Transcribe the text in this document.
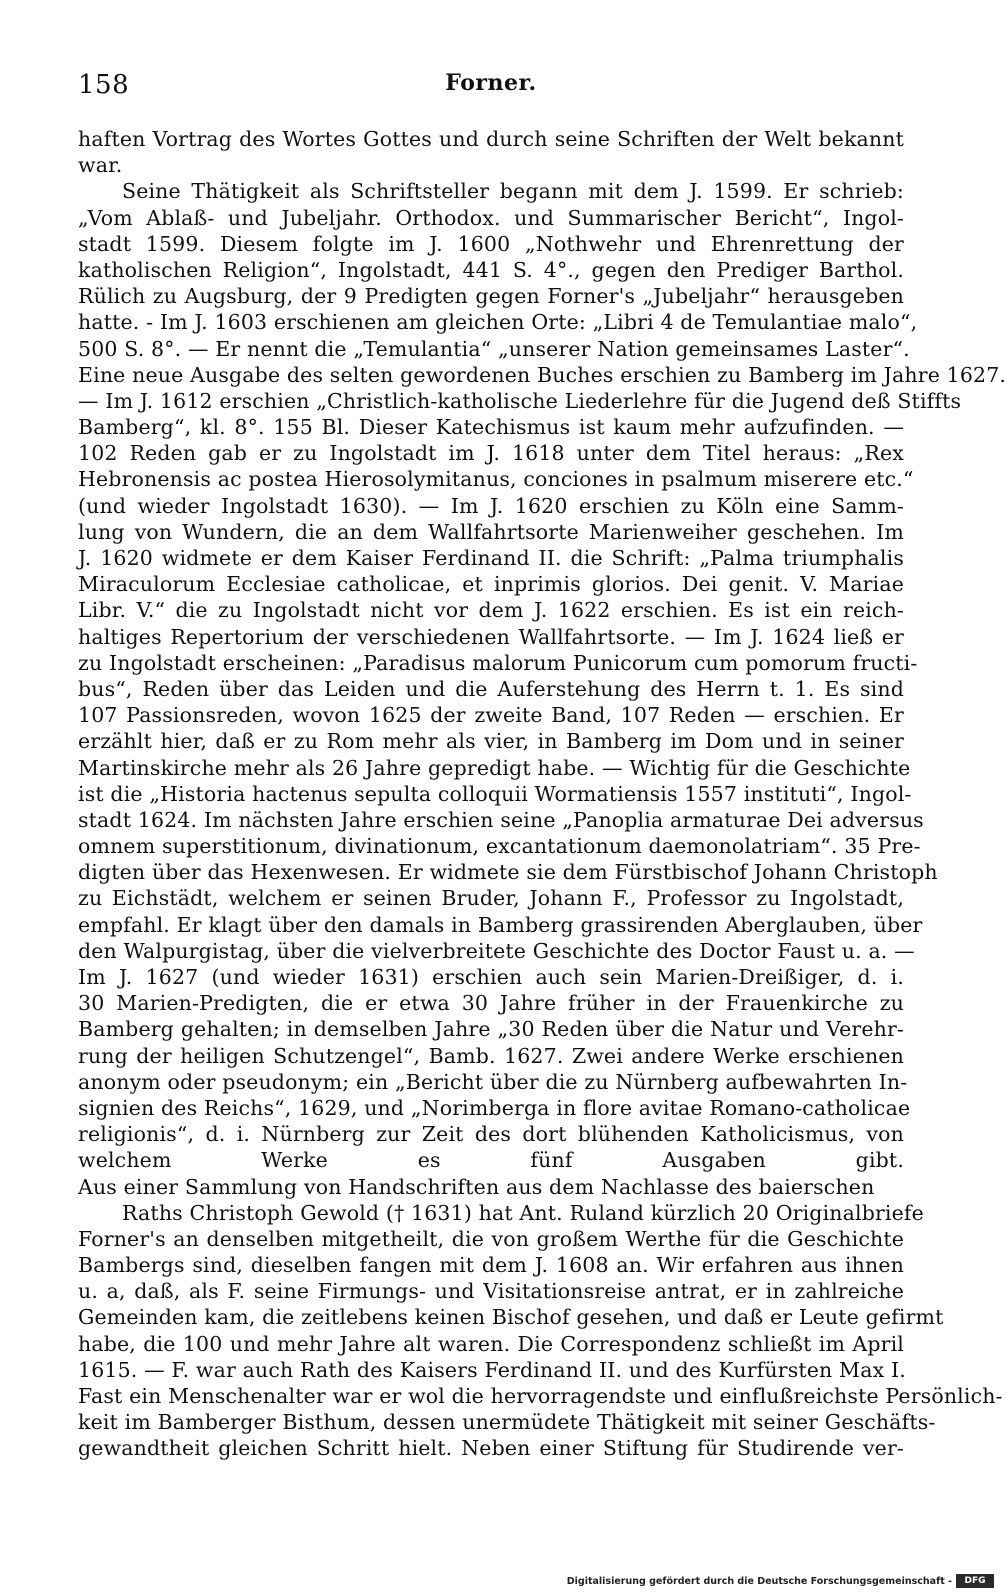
158	Forner.
haften Vortrag des Wortes Gottes und durch seine Schriften der Welt bekannt
war.
Seine Thätigkeit als Schriftsteller begann mit dem J. 1599. Er schrieb:
„Vom Ablaß- und Jubeljahr. Orthodox. und Summarischer Bericht“, Ingol-
stadt 1599. Diesem folgte im J. 1600 „Nothwehr und Ehrenrettung der
katholischen Religion“, Ingolstadt, 441 S. 4°., gegen den Prediger Barthol.
Rülich zu Augsburg, der 9 Predigten gegen Forner's „Jubeljahr“ herausgeben
hatte. - Im J. 1603 erschienen am gleichen Orte: „Libri 4 de Temulantiae malo“,
500 S. 8°. — Er nennt die „Temulantia“ „unserer Nation gemeinsames Laster“.
Eine neue Ausgabe des selten gewordenen Buches erschien zu Bamberg im Jahre 1627.
— Im J. 1612 erschien „Christlich-katholische Liederlehre für die Jugend deß Stiffts
Bamberg“, kl. 8°. 155 Bl. Dieser Katechismus ist kaum mehr aufzufinden. —
102 Reden gab er zu Ingolstadt im J. 1618 unter dem Titel heraus: „Rex
Hebronensis ac postea Hierosolymitanus, conciones in psalmum miserere etc.“
(und wieder Ingolstadt 1630). — Im J. 1620 erschien zu Köln eine Samm-
lung von Wundern, die an dem Wallfahrtsorte Marienweiher geschehen. Im
J. 1620 widmete er dem Kaiser Ferdinand II. die Schrift: „Palma triumphalis
Miraculorum Ecclesiae catholicae, et inprimis glorios. Dei genit. V. Mariae
Libr. V.“ die zu Ingolstadt nicht vor dem J. 1622 erschien. Es ist ein reich-
haltiges Repertorium der verschiedenen Wallfahrtsorte. — Im J. 1624 ließ er
zu Ingolstadt erscheinen: „Paradisus malorum Punicorum cum pomorum fructi-
bus“, Reden über das Leiden und die Auferstehung des Herrn t. 1. Es sind
107 Passionsreden, wovon 1625 der zweite Band, 107 Reden — erschien. Er
erzählt hier, daß er zu Rom mehr als vier, in Bamberg im Dom und in seiner
Martinskirche mehr als 26 Jahre gepredigt habe. — Wichtig für die Geschichte
ist die „Historia hactenus sepulta colloquii Wormatiensis 1557 instituti“, Ingol-
stadt 1624. Im nächsten Jahre erschien seine „Panoplia armaturae Dei adversus
omnem superstitionum, divinationum, excantationum daemonolatriam“. 35 Pre-
digten über das Hexenwesen. Er widmete sie dem Fürstbischof Johann Christoph
zu Eichstädt, welchem er seinen Bruder, Johann F., Professor zu Ingolstadt,
empfahl. Er klagt über den damals in Bamberg grassirenden Aberglauben, über
den Walpurgistag, über die vielverbreitete Geschichte des Doctor Faust u. a. —
Im J. 1627 (und wieder 1631) erschien auch sein Marien-Dreißiger, d. i.
30 Marien-Predigten, die er etwa 30 Jahre früher in der Frauenkirche zu
Bamberg gehalten; in demselben Jahre „30 Reden über die Natur und Verehr-
rung der heiligen Schutzengel“, Bamb. 1627. Zwei andere Werke erschienen
anonym oder pseudonym; ein „Bericht über die zu Nürnberg aufbewahrten In-
signien des Reichs“, 1629, und „Norimberga in flore avitae Romano-catholicae
religionis“, d. i. Nürnberg zur Zeit des dort blühenden Katholicismus, von
welchem Werke es fünf Ausgaben gibt.
Aus einer Sammlung von Handschriften aus dem Nachlasse des baierschen
Raths Christoph Gewold († 1631) hat Ant. Ruland kürzlich 20 Originalbriefe
Forner's an denselben mitgetheilt, die von großem Werthe für die Geschichte
Bambergs sind, dieselben fangen mit dem J. 1608 an. Wir erfahren aus ihnen
u. a, daß, als F. seine Firmungs- und Visitationsreise antrat, er in zahlreiche
Gemeinden kam, die zeitlebens keinen Bischof gesehen, und daß er Leute gefirmt
habe, die 100 und mehr Jahre alt waren. Die Correspondenz schließt im April
1615. — F. war auch Rath des Kaisers Ferdinand II. und des Kurfürsten Max I.
Fast ein Menschenalter war er wol die hervorragendste und einflußreichste Persönlich-
keit im Bamberger Bisthum, dessen unermüdete Thätigkeit mit seiner Geschäfts-
gewandtheit gleichen Schritt hielt. Neben einer Stiftung für Studirende ver-
Digitalisierung gefördert durch die Deutsche Forschungsgemeinschaft -	DFG
